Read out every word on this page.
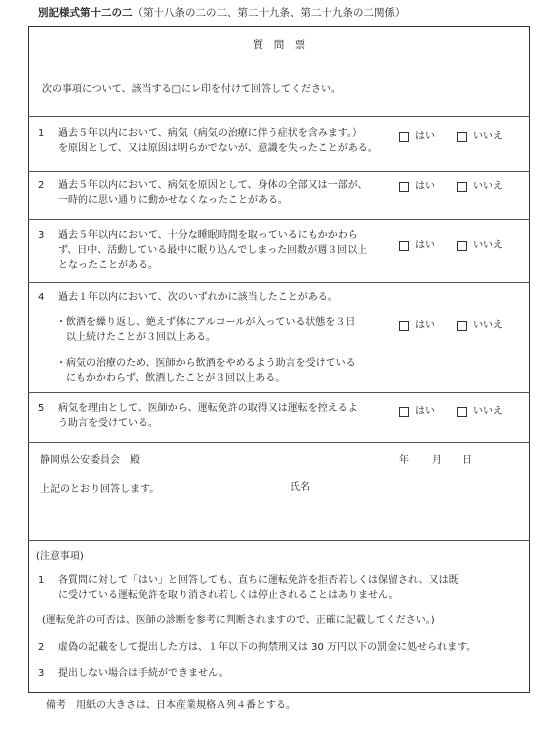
別記様式第十二の二（第十八条の二の二、第二十九条、第二十九条の二関係）
質　問　票
次の事項について、該当する□にレ印を付けて回答してください。
1 過去５年以内において、病気（病気の治療に伴う症状を含みます。）
を原因として、又は原因は明らかでないが、意識を失ったことがある。
はい	いいえ
2 過去５年以内において、病気を原因として、身体の全部又は一部が、
一時的に思い通りに動かせなくなったことがある。
はい	いいえ
3 過去５年以内において、十分な睡眠時間を取っているにもかかわら
ず、日中、活動している最中に眠り込んでしまった回数が週３回以上
となったことがある。
はい	いいえ
4 過去１年以内において、次のいずれかに該当したことがある。
・飲酒を繰り返し、絶えず体にアルコールが入っている状態を３日
　以上続けたことが３回以上ある。
はい	いいえ
・病気の治療のため、医師から飲酒をやめるよう助言を受けている
　にもかかわらず、飲酒したことが３回以上ある。
5 病気を理由として、医師から、運転免許の取得又は運転を控えるよ
う助言を受けている。
はい	いいえ
静岡県公安委員会　殿	年 月 日
上記のとおり回答します。	氏名
(注意事項)
1 各質問に対して「はい」と回答しても、直ちに運転免許を拒否若しくは保留され、又は既
に受けている運転免許を取り消され若しくは停止されることはありません。
(運転免許の可否は、医師の診断を参考に判断されますので、正確に記載してください。)
2 虚偽の記載をして提出した方は、１年以下の拘禁刑又は 30 万円以下の罰金に処せられます。
3 提出しない場合は手続ができません。
備考　用紙の大きさは、日本産業規格Ａ列４番とする。
